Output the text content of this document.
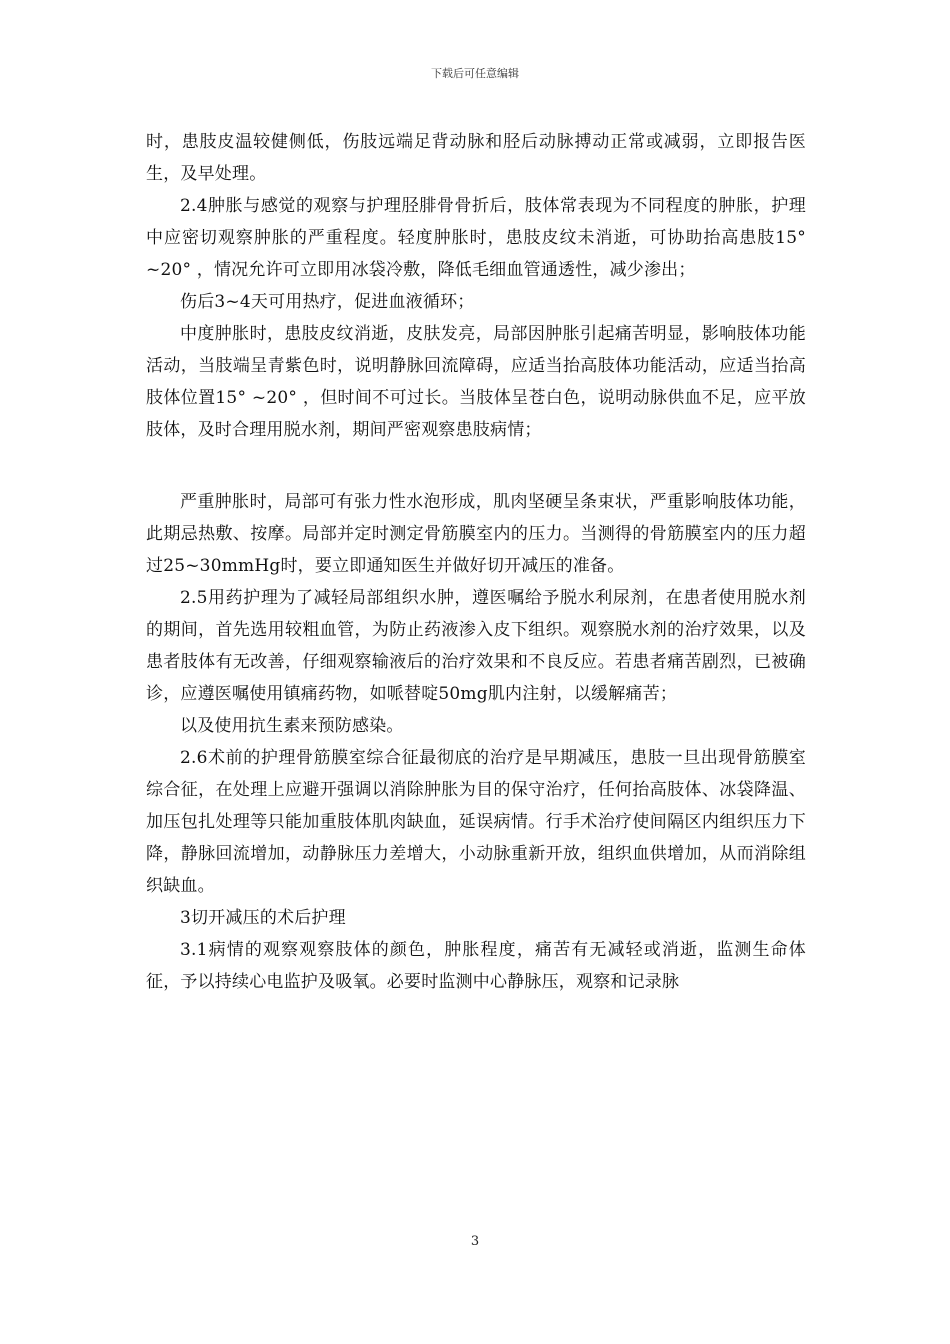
下载后可任意编辑

时，患肢皮温较健侧低，伤肢远端足背动脉和胫后动脉搏动正常或减弱，立即报告医生，及早处理。

2.4肿胀与感觉的观察与护理胫腓骨骨折后，肢体常表现为不同程度的肿胀，护理中应密切观察肿胀的严重程度。轻度肿胀时，患肢皮纹未消逝，可协助抬高患肢15° ~20° ，情况允许可立即用冰袋冷敷，降低毛细血管通透性，减少渗出；

伤后3~4天可用热疗，促进血液循环；

中度肿胀时，患肢皮纹消逝，皮肤发亮，局部因肿胀引起痛苦明显，影响肢体功能活动，当肢端呈青紫色时，说明静脉回流障碍，应适当抬高肢体功能活动，应适当抬高肢体位置15° ~20° ，但时间不可过长。当肢体呈苍白色，说明动脉供血不足，应平放肢体，及时合理用脱水剂，期间严密观察患肢病情；

严重肿胀时，局部可有张力性水泡形成，肌肉坚硬呈条束状，严重影响肢体功能，此期忌热敷、按摩。局部并定时测定骨筋膜室内的压力。当测得的骨筋膜室内的压力超过25~30mmHg时，要立即通知医生并做好切开减压的准备。

2.5用药护理为了减轻局部组织水肿，遵医嘱给予脱水利尿剂，在患者使用脱水剂的期间，首先选用较粗血管，为防止药液渗入皮下组织。观察脱水剂的治疗效果，以及患者肢体有无改善，仔细观察输液后的治疗效果和不良反应。若患者痛苦剧烈，已被确诊，应遵医嘱使用镇痛药物，如哌替啶50mg肌内注射，以缓解痛苦；

以及使用抗生素来预防感染。

2.6术前的护理骨筋膜室综合征最彻底的治疗是早期减压，患肢一旦出现骨筋膜室综合征，在处理上应避开强调以消除肿胀为目的保守治疗，任何抬高肢体、冰袋降温、加压包扎处理等只能加重肢体肌肉缺血，延误病情。行手术治疗使间隔区内组织压力下降，静脉回流增加，动静脉压力差增大，小动脉重新开放，组织血供增加，从而消除组织缺血。

3切开减压的术后护理

3.1病情的观察观察肢体的颜色，肿胀程度，痛苦有无减轻或消逝，监测生命体征，予以持续心电监护及吸氧。必要时监测中心静脉压，观察和记录脉

3
